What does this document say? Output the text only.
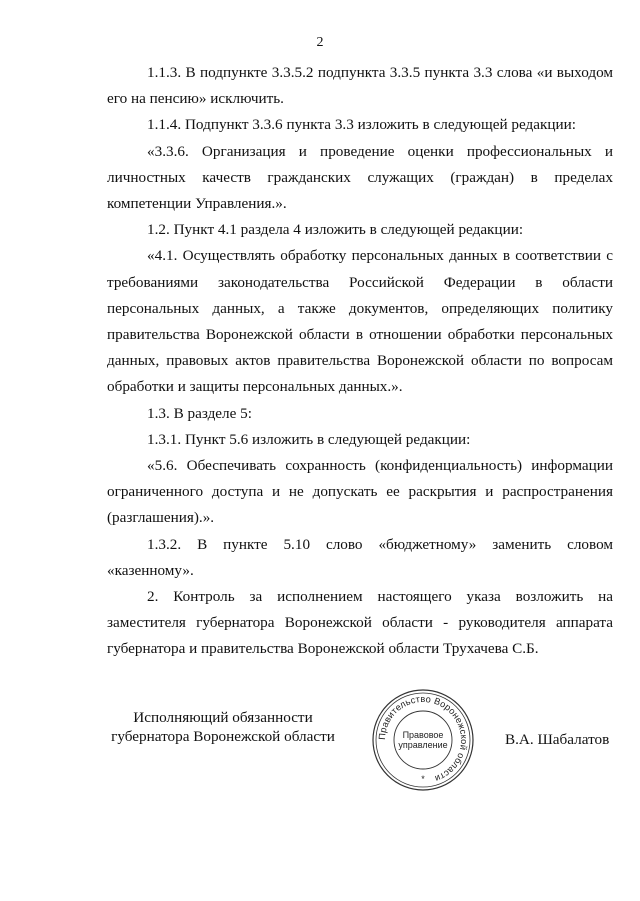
2

1.1.3. В подпункте 3.3.5.2 подпункта 3.3.5 пункта 3.3 слова «и выходом его на пенсию» исключить.

1.1.4. Подпункт 3.3.6 пункта 3.3 изложить в следующей редакции:

«3.3.6. Организация и проведение оценки профессиональных и личностных качеств гражданских служащих (граждан) в пределах компетенции Управления.».

1.2. Пункт 4.1 раздела 4 изложить в следующей редакции:

«4.1. Осуществлять обработку персональных данных в соответствии с требованиями законодательства Российской Федерации в области персональных данных, а также документов, определяющих политику правительства Воронежской области в отношении обработки персональных данных, правовых актов правительства Воронежской области по вопросам обработки и защиты персональных данных.».

1.3. В разделе 5:

1.3.1. Пункт 5.6 изложить в следующей редакции:

«5.6. Обеспечивать сохранность (конфиденциальность) информации ограниченного доступа и не допускать ее раскрытия и распространения (разглашения).».

1.3.2. В пункте 5.10 слово «бюджетному» заменить словом «казенному».

2. Контроль за исполнением настоящего указа возложить на заместителя губернатора Воронежской области - руководителя аппарата губернатора и правительства Воронежской области Трухачева С.Б.

Исполняющий обязанности
губернатора Воронежской области	Правительство Воронежской области
Правовое
управление
*
В.А. Шабалатов
